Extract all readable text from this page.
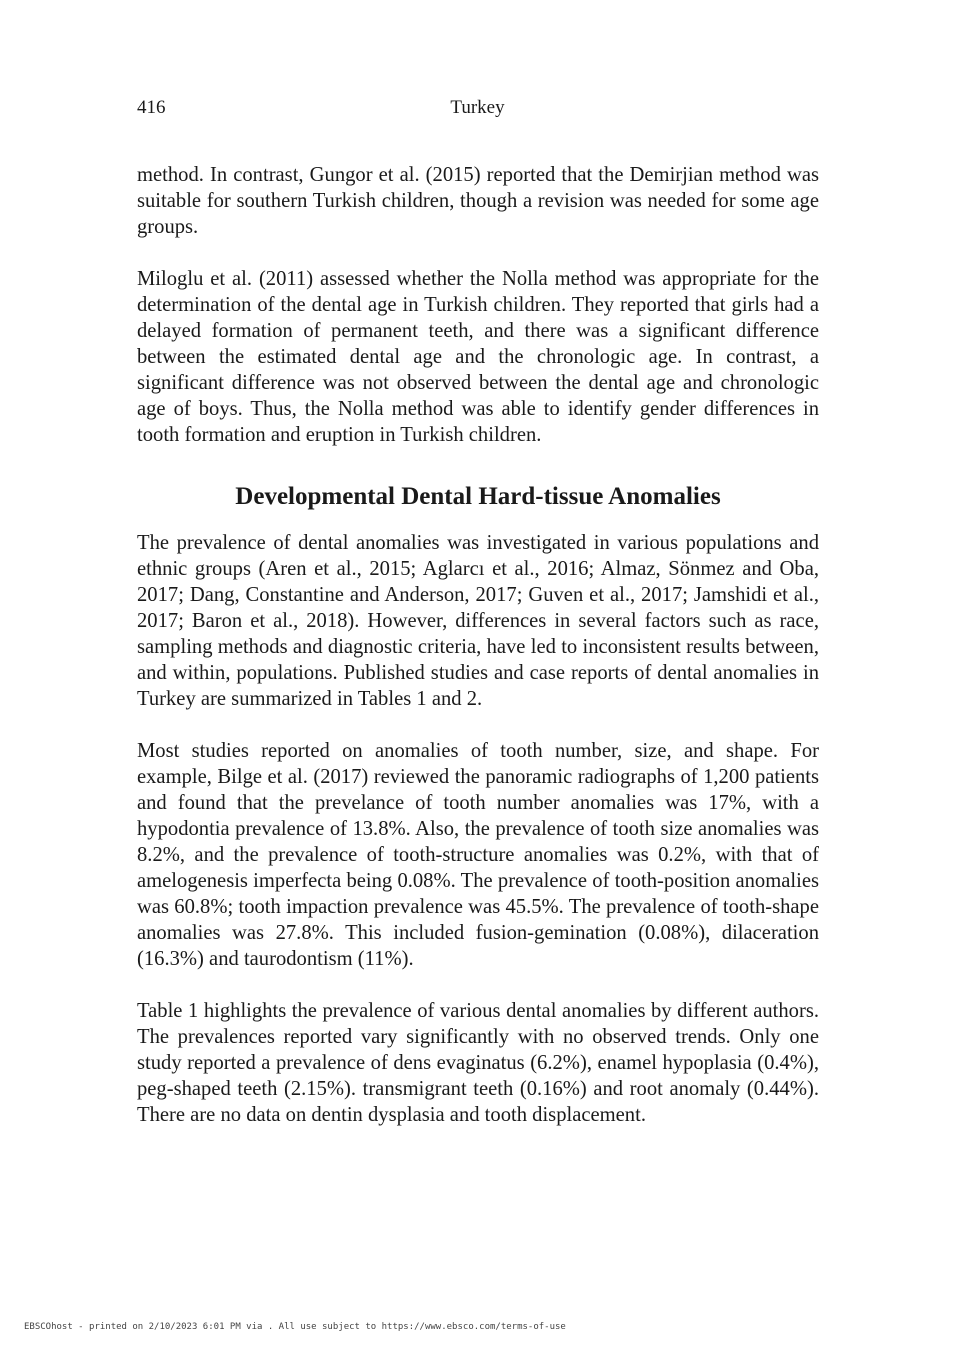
416	Turkey

method. In contrast, Gungor et al. (2015) reported that the Demirjian method was suitable for southern Turkish children, though a revision was needed for some age groups.

Miloglu et al. (2011) assessed whether the Nolla method was appropriate for the determination of the dental age in Turkish children. They reported that girls had a delayed formation of permanent teeth, and there was a significant difference between the estimated dental age and the chronologic age. In contrast, a significant difference was not observed between the dental age and chronologic age of boys. Thus, the Nolla method was able to identify gender differences in tooth formation and eruption in Turkish children.

Developmental Dental Hard-tissue Anomalies

The prevalence of dental anomalies was investigated in various populations and ethnic groups (Aren et al., 2015; Aglarcı et al., 2016; Almaz, Sönmez and Oba, 2017; Dang, Constantine and Anderson, 2017; Guven et al., 2017; Jamshidi et al., 2017; Baron et al., 2018). However, differences in several factors such as race, sampling methods and diagnostic criteria, have led to inconsistent results between, and within, populations. Published studies and case reports of dental anomalies in Turkey are summarized in Tables 1 and 2.

Most studies reported on anomalies of tooth number, size, and shape. For example, Bilge et al. (2017) reviewed the panoramic radiographs of 1,200 patients and found that the prevelance of tooth number anomalies was 17%, with a hypodontia prevalence of 13.8%. Also, the prevalence of tooth size anomalies was 8.2%, and the prevalence of tooth-structure anomalies was 0.2%, with that of amelogenesis imperfecta being 0.08%. The prevalence of tooth-position anomalies was 60.8%; tooth impaction prevalence was 45.5%. The prevalence of tooth-shape anomalies was 27.8%. This included fusion-gemination (0.08%), dilaceration (16.3%) and taurodontism (11%).

Table 1 highlights the prevalence of various dental anomalies by different authors. The prevalences reported vary significantly with no observed trends. Only one study reported a prevalence of dens evaginatus (6.2%), enamel hypoplasia (0.4%), peg-shaped teeth (2.15%). transmigrant teeth (0.16%) and root anomaly (0.44%). There are no data on dentin dysplasia and tooth displacement.

EBSCOhost - printed on 2/10/2023 6:01 PM via . All use subject to https://www.ebsco.com/terms-of-use
